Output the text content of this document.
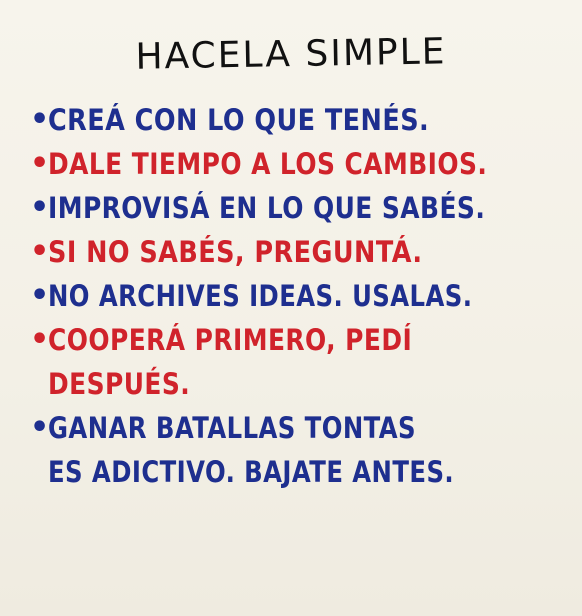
HACELA SIMPLE
•
CREÁ CON LO QUE TENÉS.
•
DALE TIEMPO A LOS CAMBIOS.
•
IMPROVISÁ EN LO QUE SABÉS.
•
SI NO SABÉS, PREGUNTÁ.
•
NO ARCHIVES IDEAS. USALAS.
•
COOPERÁ PRIMERO, PEDÍ
DESPUÉS.
•
GANAR BATALLAS TONTAS
ES ADICTIVO. BAJATE ANTES.
